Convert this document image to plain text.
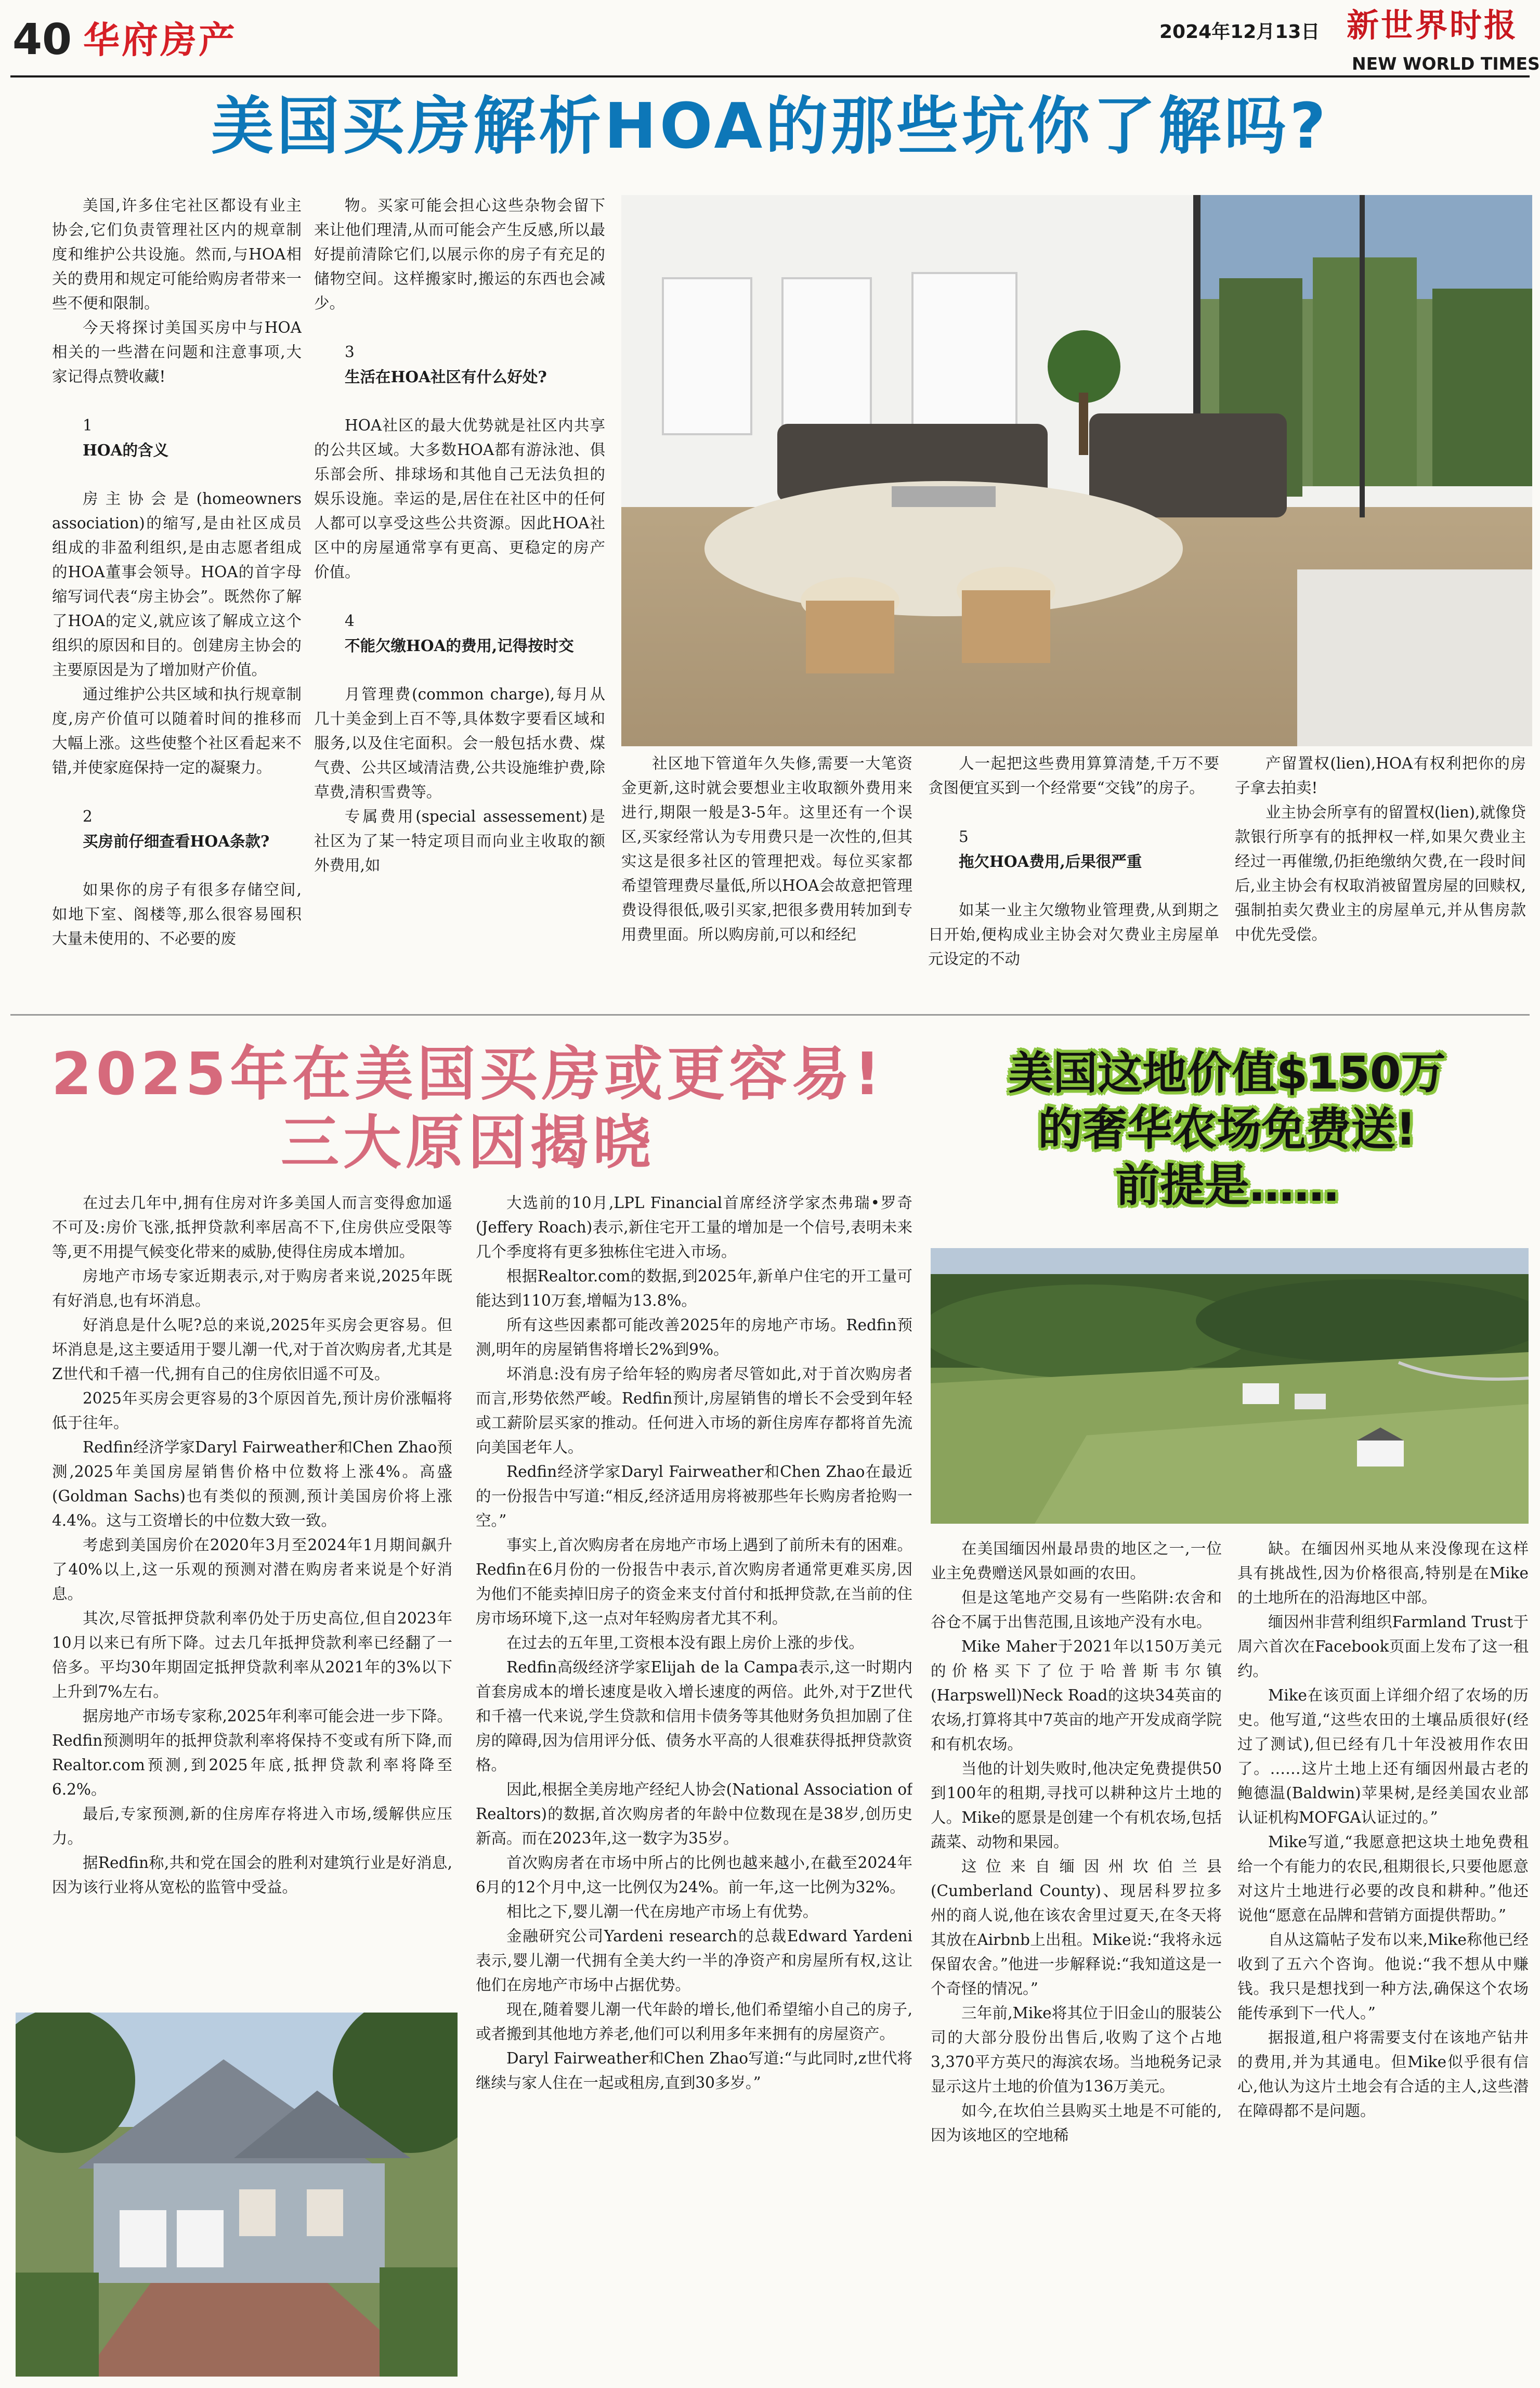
40 华府房产	2024年12月13日 新世界时报
NEW WORLD TIMES
美国买房解析HOA的那些坑你了解吗?

美国,许多住宅社区都设有业主协会,它们负责管理社区内的规章制度和维护公共设施。然而,与HOA相关的费用和规定可能给购房者带来一些不便和限制。

今天将探讨美国买房中与HOA相关的一些潜在问题和注意事项,大家记得点赞收藏!

1

HOA的含义

房主协会是(homeowners association)的缩写,是由社区成员组成的非盈利组织,是由志愿者组成的HOA董事会领导。HOA的首字母缩写词代表“房主协会”。既然你了解了HOA的定义,就应该了解成立这个组织的原因和目的。创建房主协会的主要原因是为了增加财产价值。

通过维护公共区域和执行规章制度,房产价值可以随着时间的推移而大幅上涨。这些使整个社区看起来不错,并使家庭保持一定的凝聚力。

2

买房前仔细查看HOA条款?

如果你的房子有很多存储空间,如地下室、阁楼等,那么很容易囤积大量未使用的、不必要的废

物。买家可能会担心这些杂物会留下来让他们理清,从而可能会产生反感,所以最好提前清除它们,以展示你的房子有充足的储物空间。这样搬家时,搬运的东西也会减少。

3

生活在HOA社区有什么好处?

HOA社区的最大优势就是社区内共享的公共区域。大多数HOA都有游泳池、俱乐部会所、排球场和其他自己无法负担的娱乐设施。幸运的是,居住在社区中的任何人都可以享受这些公共资源。因此HOA社区中的房屋通常享有更高、更稳定的房产价值。

4

不能欠缴HOA的费用,记得按时交

月管理费(common charge),每月从几十美金到上百不等,具体数字要看区域和服务,以及住宅面积。会一般包括水费、煤气费、公共区域清洁费,公共设施维护费,除草费,清积雪费等。

专属费用(special assessement)是社区为了某一特定项目而向业主收取的额外费用,如

社区地下管道年久失修,需要一大笔资金更新,这时就会要想业主收取额外费用来进行,期限一般是3-5年。这里还有一个误区,买家经常认为专用费只是一次性的,但其实这是很多社区的管理把戏。每位买家都希望管理费尽量低,所以HOA会故意把管理费设得很低,吸引买家,把很多费用转加到专用费里面。所以购房前,可以和经纪

人一起把这些费用算算清楚,千万不要贪图便宜买到一个经常要“交钱”的房子。

5

拖欠HOA费用,后果很严重

如某一业主欠缴物业管理费,从到期之日开始,便构成业主协会对欠费业主房屋单元设定的不动

产留置权(lien),HOA有权利把你的房子拿去拍卖!

业主协会所享有的留置权(lien),就像贷款银行所享有的抵押权一样,如果欠费业主经过一再催缴,仍拒绝缴纳欠费,在一段时间后,业主协会有权取消被留置房屋的回赎权,强制拍卖欠费业主的房屋单元,并从售房款中优先受偿。

2025年在美国买房或更容易!
三大原因揭晓

在过去几年中,拥有住房对许多美国人而言变得愈加遥不可及:房价飞涨,抵押贷款利率居高不下,住房供应受限等等,更不用提气候变化带来的威胁,使得住房成本增加。

房地产市场专家近期表示,对于购房者来说,2025年既有好消息,也有坏消息。

好消息是什么呢?总的来说,2025年买房会更容易。但坏消息是,这主要适用于婴儿潮一代,对于首次购房者,尤其是Z世代和千禧一代,拥有自己的住房依旧遥不可及。

2025年买房会更容易的3个原因首先,预计房价涨幅将低于往年。

Redfin经济学家Daryl Fairweather和Chen Zhao预测,2025年美国房屋销售价格中位数将上涨4%。高盛(Goldman Sachs)也有类似的预测,预计美国房价将上涨4.4%。这与工资增长的中位数大致一致。

考虑到美国房价在2020年3月至2024年1月期间飙升了40%以上,这一乐观的预测对潜在购房者来说是个好消息。

其次,尽管抵押贷款利率仍处于历史高位,但自2023年10月以来已有所下降。过去几年抵押贷款利率已经翻了一倍多。平均30年期固定抵押贷款利率从2021年的3%以下上升到7%左右。

据房地产市场专家称,2025年利率可能会进一步下降。Redfin预测明年的抵押贷款利率将保持不变或有所下降,而Realtor.com预测,到2025年底,抵押贷款利率将降至6.2%。

最后,专家预测,新的住房库存将进入市场,缓解供应压力。

据Redfin称,共和党在国会的胜利对建筑行业是好消息,因为该行业将从宽松的监管中受益。

大选前的10月,LPL Financial首席经济学家杰弗瑞•罗奇(Jeffery Roach)表示,新住宅开工量的增加是一个信号,表明未来几个季度将有更多独栋住宅进入市场。

根据Realtor.com的数据,到2025年,新单户住宅的开工量可能达到110万套,增幅为13.8%。

所有这些因素都可能改善2025年的房地产市场。Redfin预测,明年的房屋销售将增长2%到9%。

坏消息:没有房子给年轻的购房者尽管如此,对于首次购房者而言,形势依然严峻。Redfin预计,房屋销售的增长不会受到年轻或工薪阶层买家的推动。任何进入市场的新住房库存都将首先流向美国老年人。

Redfin经济学家Daryl Fairweather和Chen Zhao在最近的一份报告中写道:“相反,经济适用房将被那些年长购房者抢购一空。”

事实上,首次购房者在房地产市场上遇到了前所未有的困难。Redfin在6月份的一份报告中表示,首次购房者通常更难买房,因为他们不能卖掉旧房子的资金来支付首付和抵押贷款,在当前的住房市场环境下,这一点对年轻购房者尤其不利。

在过去的五年里,工资根本没有跟上房价上涨的步伐。

Redfin高级经济学家Elijah de la Campa表示,这一时期内首套房成本的增长速度是收入增长速度的两倍。此外,对于Z世代和千禧一代来说,学生贷款和信用卡债务等其他财务负担加剧了住房的障碍,因为信用评分低、债务水平高的人很难获得抵押贷款资格。

因此,根据全美房地产经纪人协会(National Association of Realtors)的数据,首次购房者的年龄中位数现在是38岁,创历史新高。而在2023年,这一数字为35岁。

首次购房者在市场中所占的比例也越来越小,在截至2024年6月的12个月中,这一比例仅为24%。前一年,这一比例为32%。

相比之下,婴儿潮一代在房地产市场上有优势。

金融研究公司Yardeni research的总裁Edward Yardeni表示,婴儿潮一代拥有全美大约一半的净资产和房屋所有权,这让他们在房地产市场中占据优势。

现在,随着婴儿潮一代年龄的增长,他们希望缩小自己的房子,或者搬到其他地方养老,他们可以利用多年来拥有的房屋资产。

Daryl Fairweather和Chen Zhao写道:“与此同时,z世代将继续与家人住在一起或租房,直到30多岁。”

美国这地价值$150万
的奢华农场免费送!
前提是……

在美国缅因州最昂贵的地区之一,一位业主免费赠送风景如画的农田。

但是这笔地产交易有一些陷阱:农舍和谷仓不属于出售范围,且该地产没有水电。

Mike Maher于2021年以150万美元的价格买下了位于哈普斯韦尔镇(Harpswell)Neck Road的这块34英亩的农场,打算将其中7英亩的地产开发成商学院和有机农场。

当他的计划失败时,他决定免费提供50到100年的租期,寻找可以耕种这片土地的人。Mike的愿景是创建一个有机农场,包括蔬菜、动物和果园。

这位来自缅因州坎伯兰县(Cumberland County)、现居科罗拉多州的商人说,他在该农舍里过夏天,在冬天将其放在Airbnb上出租。Mike说:“我将永远保留农舍。”他进一步解释说:“我知道这是一个奇怪的情况。”

三年前,Mike将其位于旧金山的服装公司的大部分股份出售后,收购了这个占地3,370平方英尺的海滨农场。当地税务记录显示这片土地的价值为136万美元。

如今,在坎伯兰县购买土地是不可能的,因为该地区的空地稀

缺。在缅因州买地从来没像现在这样具有挑战性,因为价格很高,特别是在Mike的土地所在的沿海地区中部。

缅因州非营利组织Farmland Trust于周六首次在Facebook页面上发布了这一租约。

Mike在该页面上详细介绍了农场的历史。他写道,“这些农田的土壤品质很好(经过了测试),但已经有几十年没被用作农田了。……这片土地上还有缅因州最古老的鲍德温(Baldwin)苹果树,是经美国农业部认证机构MOFGA认证过的。”

Mike写道,“我愿意把这块土地免费租给一个有能力的农民,租期很长,只要他愿意对这片土地进行必要的改良和耕种。”他还说他“愿意在品牌和营销方面提供帮助。”

自从这篇帖子发布以来,Mike称他已经收到了五六个咨询。他说:“我不想从中赚钱。我只是想找到一种方法,确保这个农场能传承到下一代人。”

据报道,租户将需要支付在该地产钻井的费用,并为其通电。但Mike似乎很有信心,他认为这片土地会有合适的主人,这些潜在障碍都不是问题。
